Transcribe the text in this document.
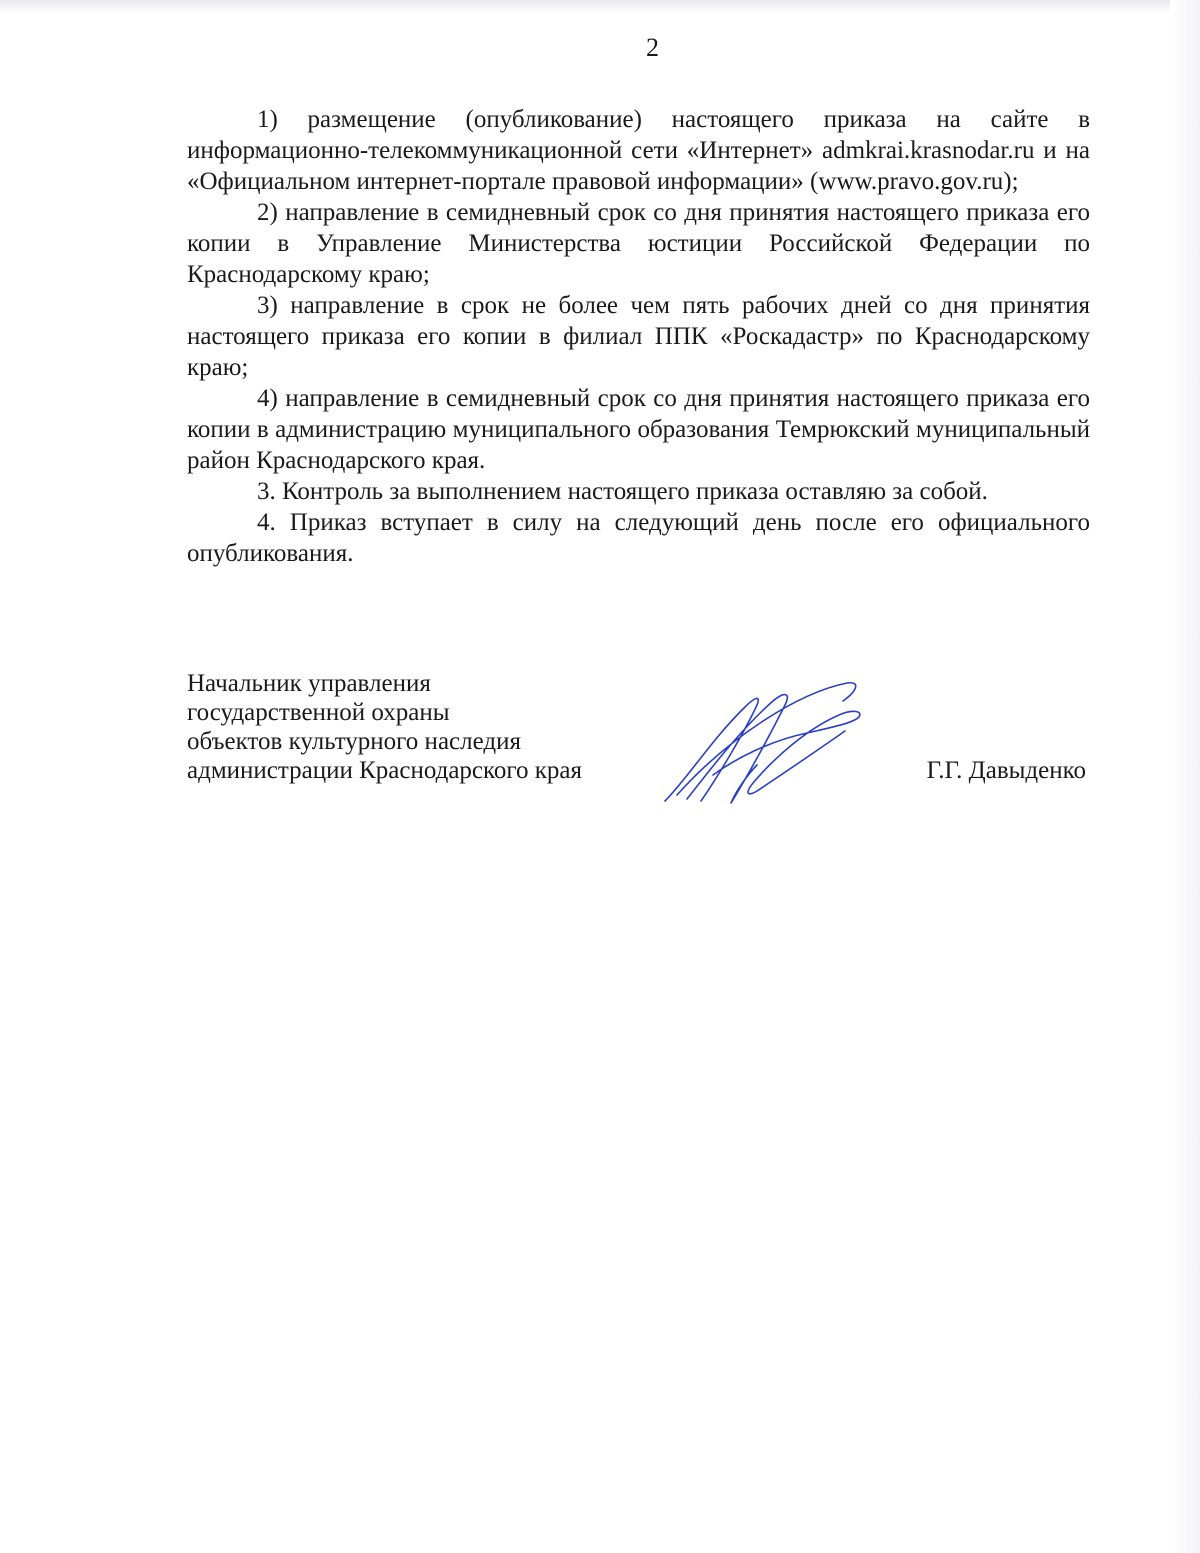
2

1) размещение (опубликование) настоящего приказа на сайте в информационно-телекоммуникационной сети «Интернет» admkrai.krasnodar.ru и на «Официальном интернет-портале правовой информации» (www.pravo.gov.ru);

2) направление в семидневный срок со дня принятия настоящего приказа его копии в Управление Министерства юстиции Российской Федерации по Краснодарскому краю;

3) направление в срок не более чем пять рабочих дней со дня принятия настоящего приказа его копии в филиал ППК «Роскадастр» по Краснодарскому краю;

4) направление в семидневный срок со дня принятия настоящего приказа его копии в администрацию муниципального образования Темрюкский муниципальный район Краснодарского края.

3. Контроль за выполнением настоящего приказа оставляю за собой.

4. Приказ вступает в силу на следующий день после его официального опубликования.

Начальник управления
государственной охраны
объектов культурного наследия
администрации Краснодарского края	Г.Г. Давыденко
